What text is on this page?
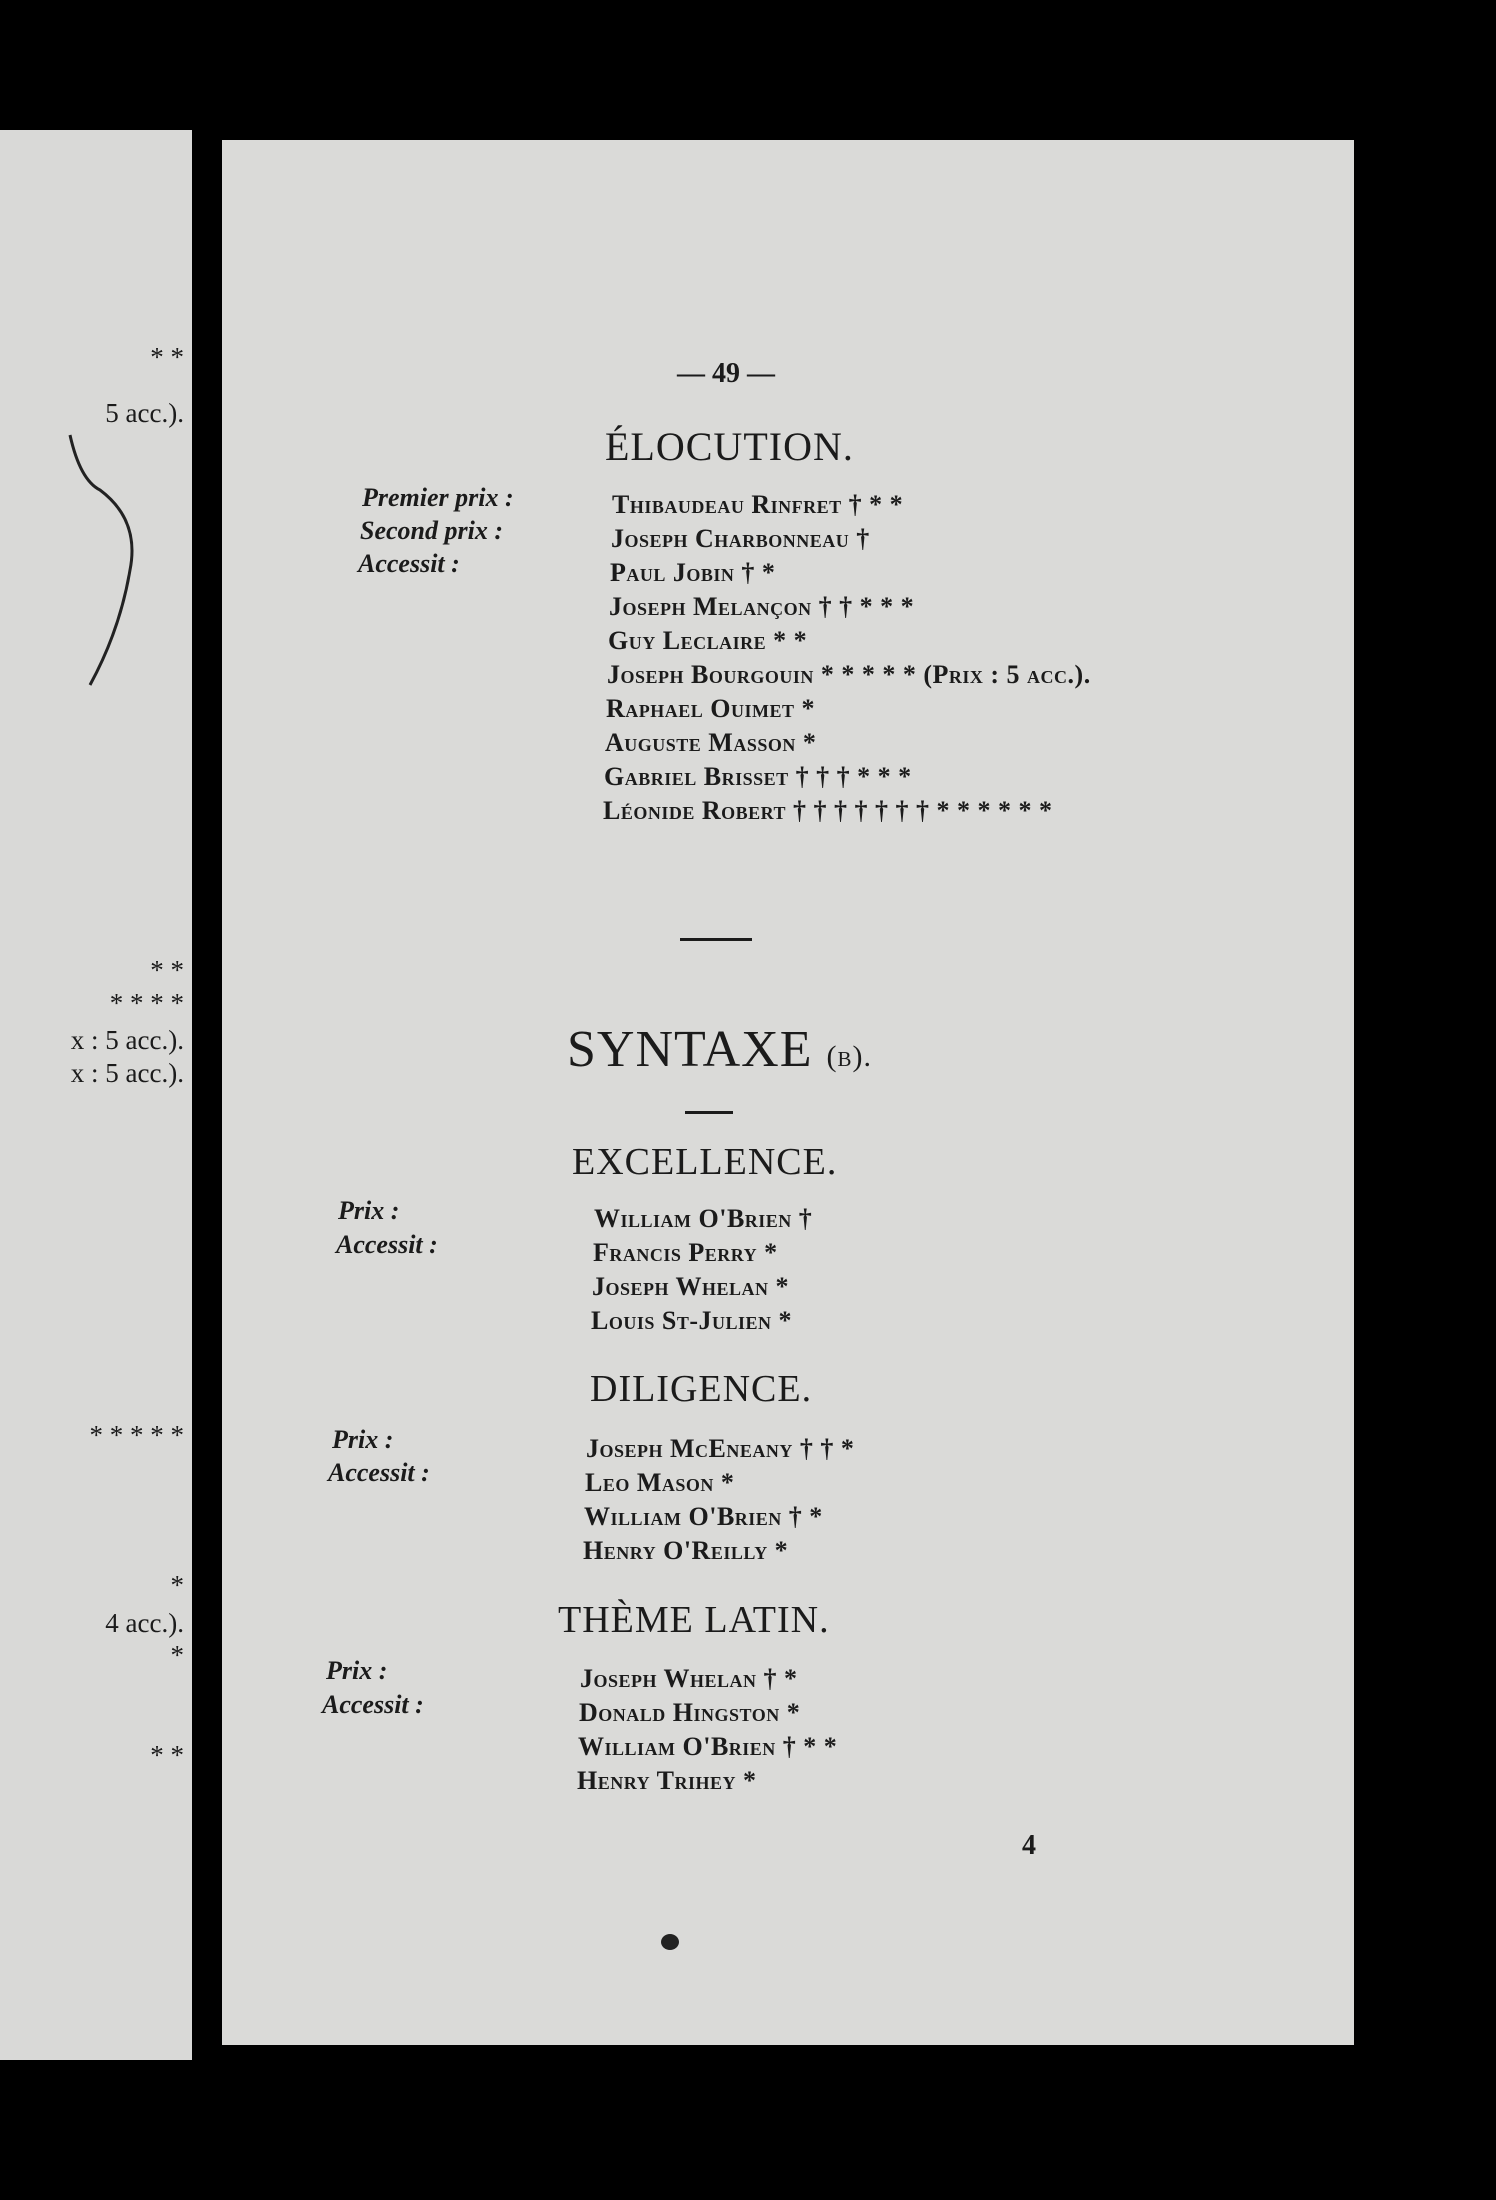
* *
5 acc.).
* *
* * * *
x : 5 acc.).
x : 5 acc.).
* * * * *
*
4 acc.).
*
* *
— 49 —
ÉLOCUTION.
Premier prix :
Second prix :
Accessit :
Thibaudeau Rinfret † * *
Joseph Charbonneau †
Paul Jobin † *
Joseph Melançon † † * * *
Guy Leclaire * *
Joseph Bourgouin * * * * * (Prix : 5 acc.).
Raphael Ouimet *
Auguste Masson *
Gabriel Brisset † † † * * *
Léonide Robert † † † † † † † * * * * * *
SYNTAXE (b).
EXCELLENCE.
Prix :
Accessit :
William O'Brien †
Francis Perry *
Joseph Whelan *
Louis St-Julien *
DILIGENCE.
Prix :
Accessit :
Joseph McEneany † † *
Leo Mason *
William O'Brien † *
Henry O'Reilly *
THÈME LATIN.
Prix :
Accessit :
Joseph Whelan † *
Donald Hingston *
William O'Brien † * *
Henry Trihey *
4
